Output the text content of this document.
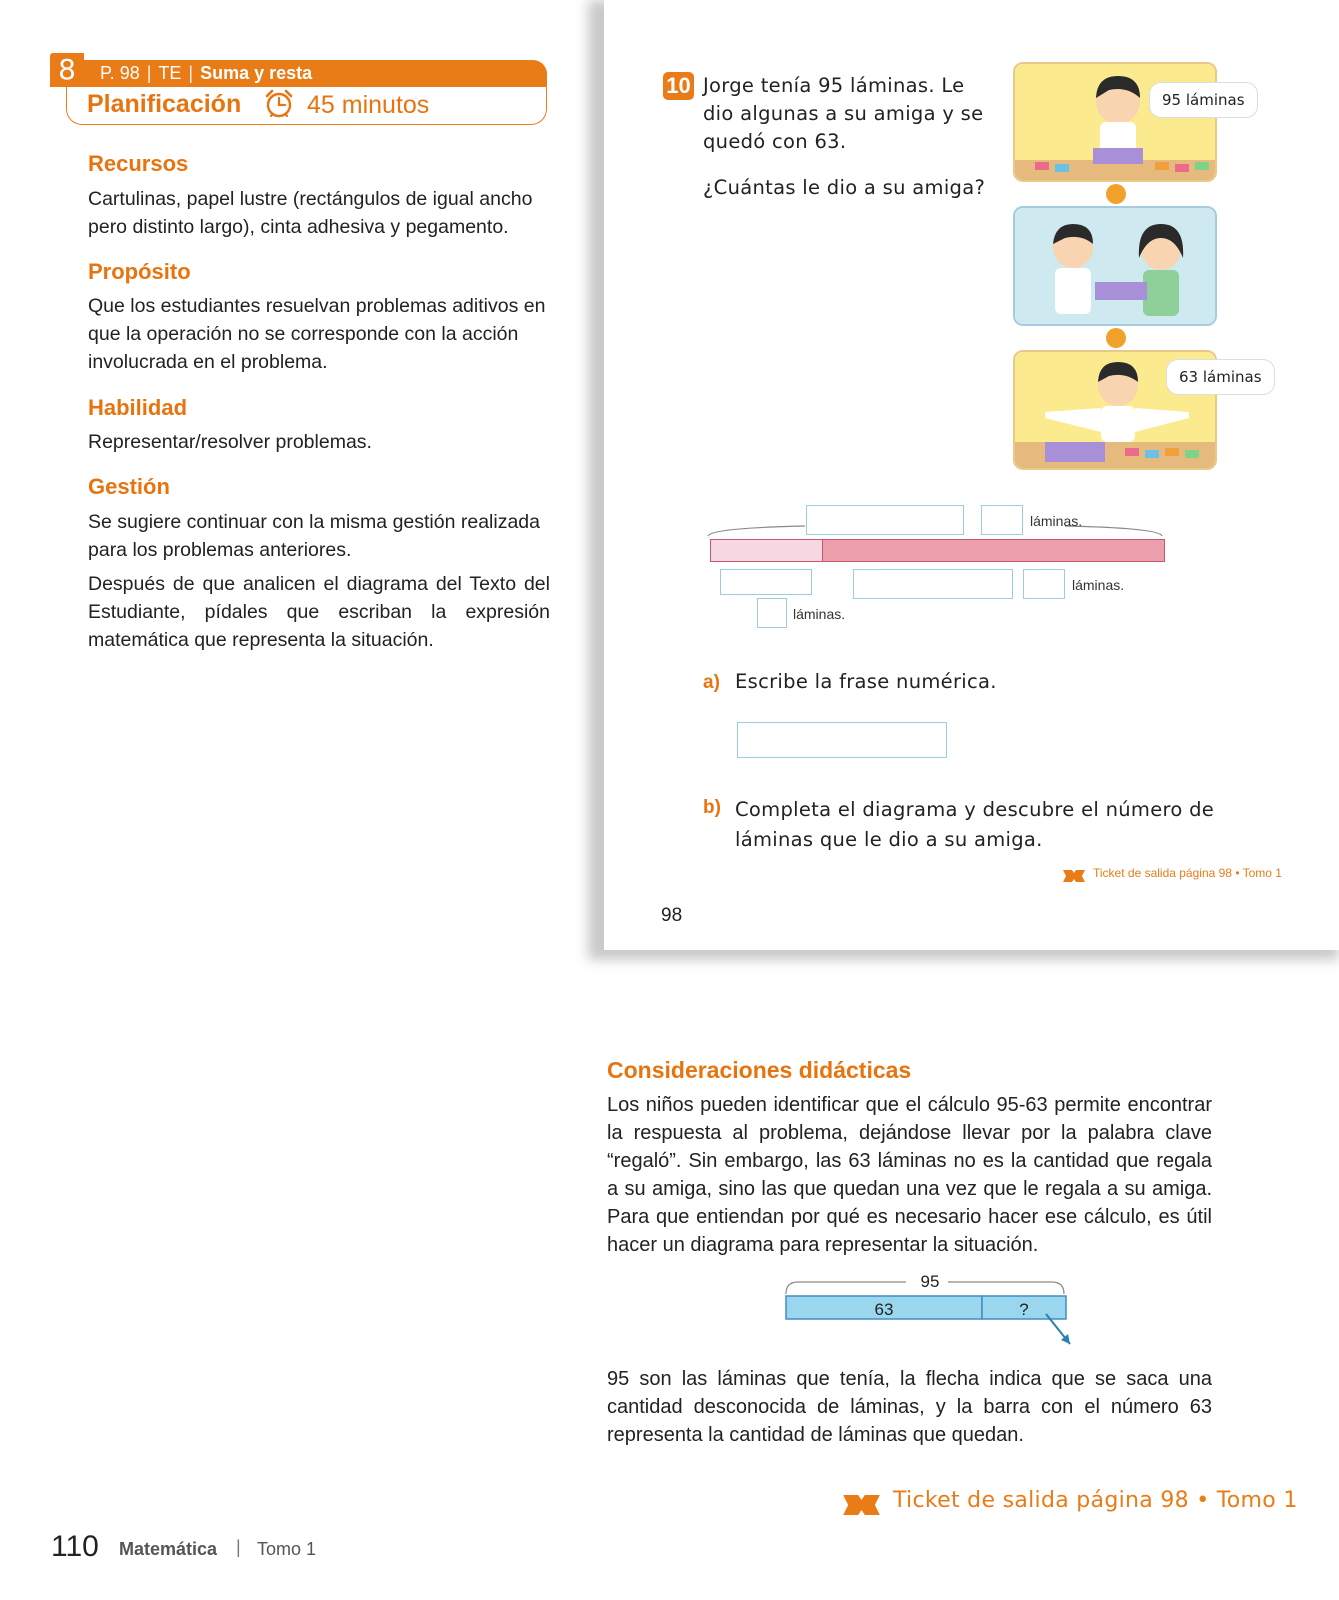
8	P. 98 | TE | Suma y resta
Planificación	45 minutos
Recursos
Cartulinas, papel lustre (rectángulos de igual ancho pero distinto largo), cinta adhesiva y pegamento.
Propósito
Que los estudiantes resuelvan problemas aditivos en que la operación no se corresponde con la acción involucrada en el problema.
Habilidad
Representar/resolver problemas.
Gestión
Se sugiere continuar con la misma gestión realizada para los problemas anteriores.
Después de que analicen el diagrama del Texto del Estudiante, pídales que escriban la expresión matemática que representa la situación.
10 Jorge tenía 95 láminas. Le dio algunas a su amiga y se quedó con 63.
¿Cuántas le dio a su amiga?
95 láminas
63 láminas
láminas.
láminas.
láminas.
a) Escribe la frase numérica.
b) Completa el diagrama y descubre el número de láminas que le dio a su amiga.
Ticket de salida página 98 • Tomo 1
98
Consideraciones didácticas
Los niños pueden identificar que el cálculo 95-63 permite encontrar la respuesta al problema, dejándose llevar por la palabra clave “regaló”. Sin embargo, las 63 láminas no es la cantidad que regala a su amiga, sino las que quedan una vez que le regala a su amiga. Para que entiendan por qué es necesario hacer ese cálculo, es útil hacer un diagrama para representar la situación.
95
63	?
95 son las láminas que tenía, la flecha indica que se saca una cantidad desconocida de láminas, y la barra con el número 63 representa la cantidad de láminas que quedan.
Ticket de salida página 98 • Tomo 1
110 Matemática | Tomo 1
